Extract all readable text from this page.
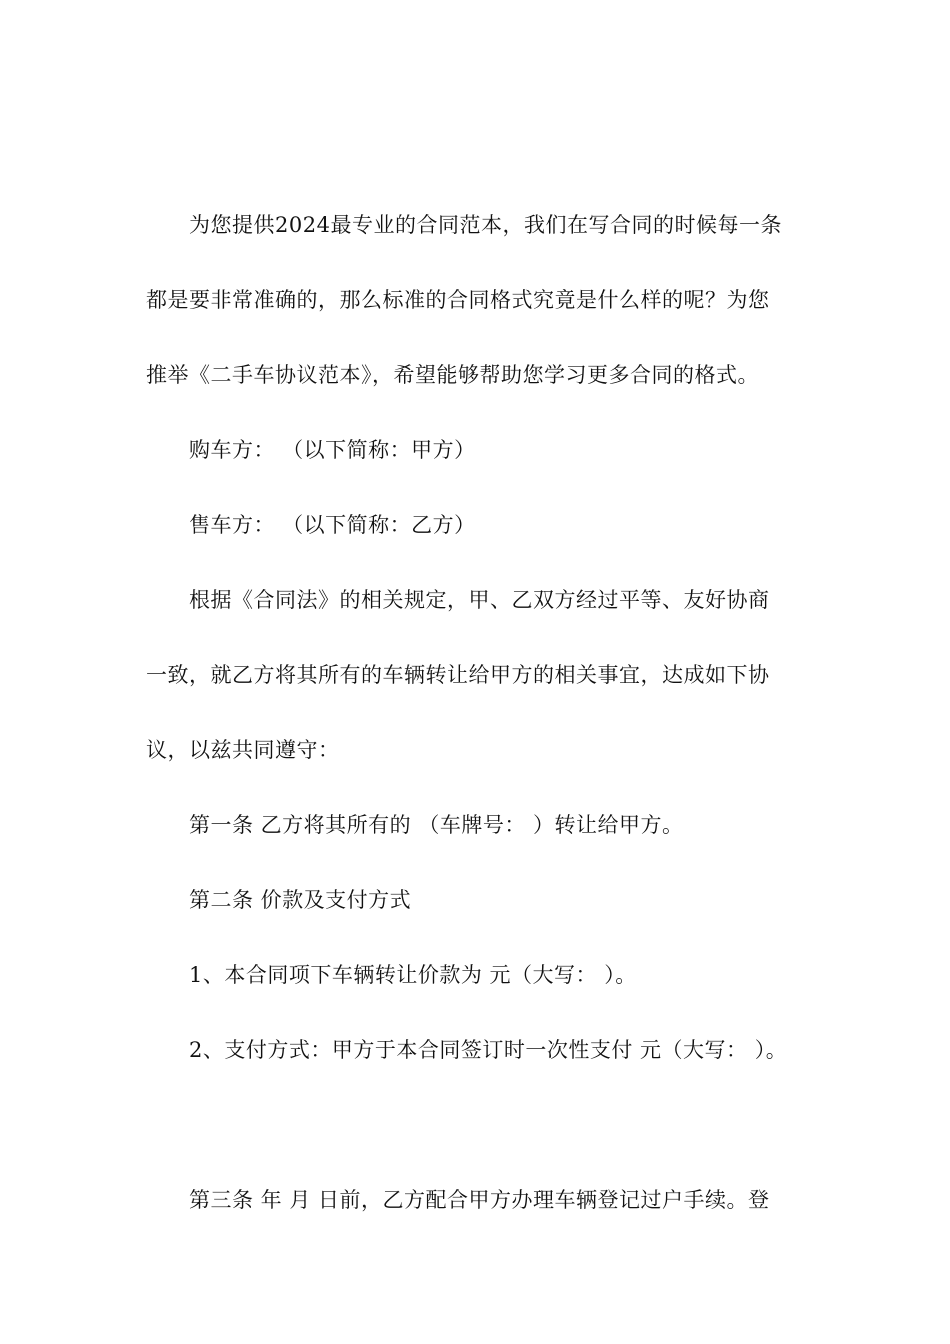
为您提供2024最专业的合同范本，我们在写合同的时候每一条
都是要非常准确的，那么标准的合同格式究竟是什么样的呢？为您
推举《二手车协议范本》，希望能够帮助您学习更多合同的格式。
购车方： （以下简称：甲方）
售车方： （以下简称：乙方）
根据《合同法》的相关规定，甲、乙双方经过平等、友好协商
一致，就乙方将其所有的车辆转让给甲方的相关事宜，达成如下协
议，以兹共同遵守：
第一条 乙方将其所有的 （车牌号： ）转让给甲方。
第二条 价款及支付方式
1、本合同项下车辆转让价款为 元（大写： ）。
2、支付方式：甲方于本合同签订时一次性支付 元（大写： ）。
第三条 年 月 日前，乙方配合甲方办理车辆登记过户手续。登
